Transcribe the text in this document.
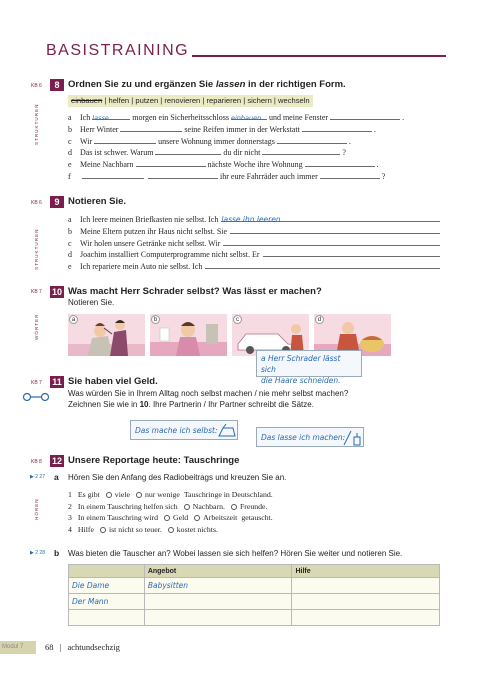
BASISTRAINING
KB 6
STRUKTUREN
8 Ordnen Sie zu und ergänzen Sie lassen in der richtigen Form.
einbauen | helfen | putzen | renovieren | reparieren | sichern | wechseln
a	Ich lasse	morgen ein Sicherheitsschloss einbauen und meine Fenster	.
b	Herr Winter	seine Reifen immer in der Werkstatt	.
c	Wir	unsere Wohnung immer donnerstags	.
d	Das ist schwer. Warum	du dir nicht	?
e	Meine Nachbarn	nächste Woche ihre Wohnung	.
f	ihr eure Fahrräder auch immer	?
KB 6
STRUKTUREN
9 Notieren Sie.
a	Ich leere meinen Briefkasten nie selbst. Ich lasse ihn leeren
b	Meine Eltern putzen ihr Haus nicht selbst. Sie
c	Wir holen unsere Getränke nicht selbst. Wir
d	Joachim installiert Computerprogramme nicht selbst. Er
e	Ich repariere mein Auto nie selbst. Ich
KB 7
WÖRTER
10 Was macht Herr Schrader selbst? Was lässt er machen?
Notieren Sie.
a	b	c	d
a Herr Schrader lässt sich
die Haare schneiden.
KB 7 11 Sie haben viel Geld.
Was würden Sie in Ihrem Alltag noch selbst machen / nie mehr selbst machen?
Zeichnen Sie wie in 10. Ihre Partnerin / Ihr Partner schreibt die Sätze.
Das mache ich selbst:
Das lasse ich machen:
KB 8 12 Unsere Reportage heute: Tauschringe
▶ 2 27 a Hören Sie den Anfang des Radiobeitrags und kreuzen Sie an.
HÖREN
1 Es gibt viele nur wenige Tauschringe in Deutschland.
2 In einem Tauschring helfen sich Nachbarn. Freunde.
3 In einem Tauschring wird Geld Arbeitszeit getauscht.
4 Hilfe ist nicht so teuer. kostet nichts.
▶ 2 28 b Was bieten die Tauscher an? Wobei lassen sie sich helfen? Hören Sie weiter und notieren Sie.
	Angebot	Hilfe
Die Dame	Babysitten	
Der Mann		

Modul 7	68 | achtundsechzig
